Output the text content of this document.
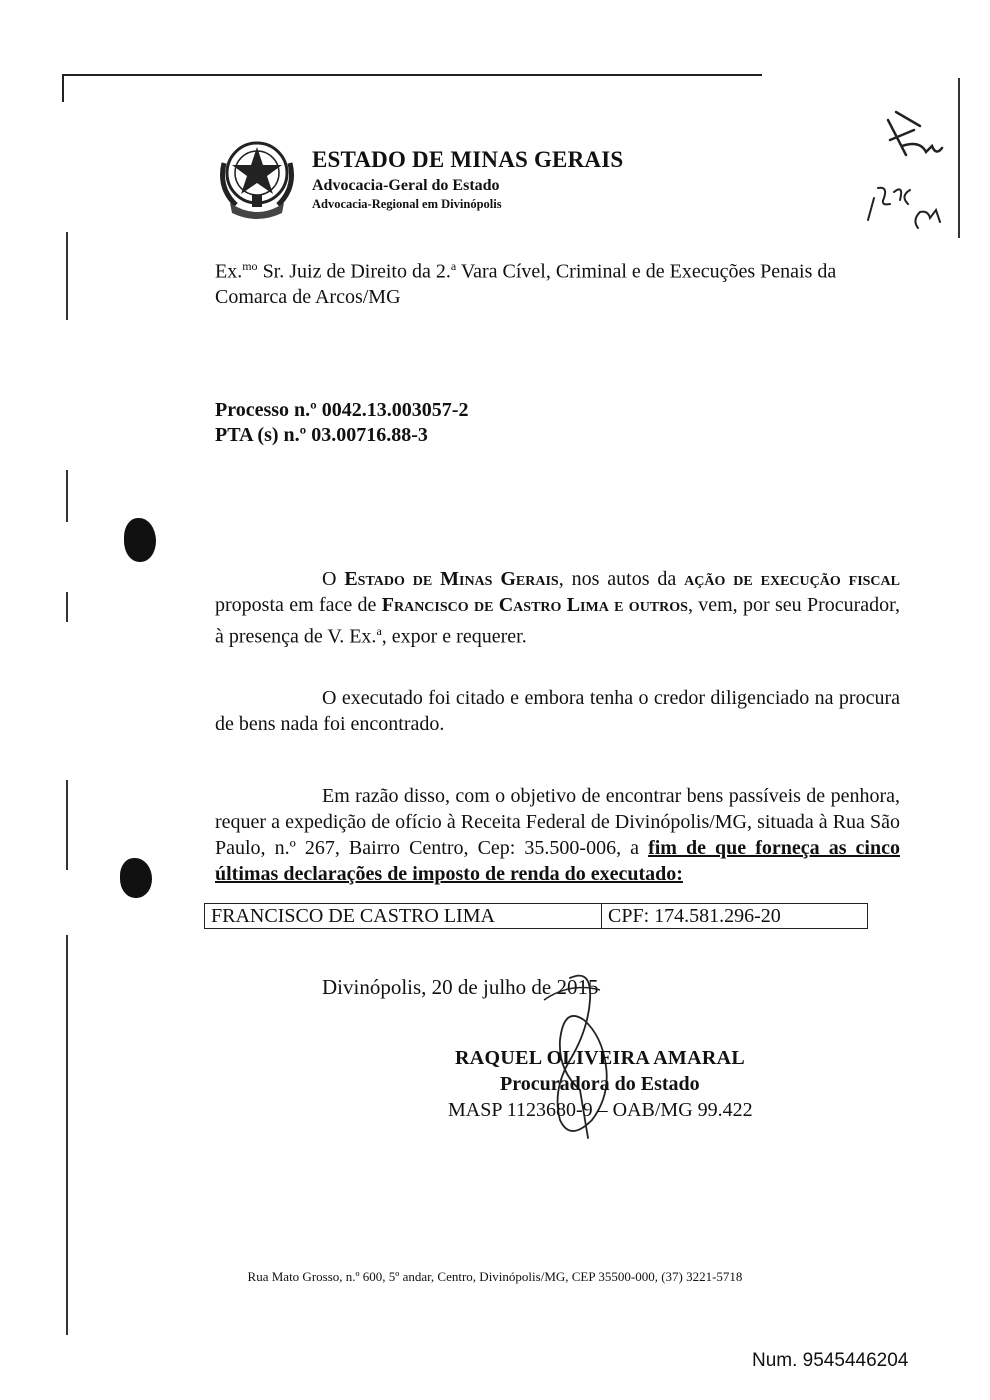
ESTADO DE MINAS GERAIS
Advocacia-Geral do Estado
Advocacia-Regional em Divinópolis
Ex.$^{mo}$ Sr. Juiz de Direito da 2.$^a$ Vara Cível, Criminal e de Execuções Penais da
Comarca de Arcos/MG
Processo n.º 0042.13.003057-2
PTA (s) n.º 03.00716.88-3
O Estado de Minas Gerais, nos autos da ação de execução fiscal proposta em face de Francisco de Castro Lima e outros, vem, por seu Procurador, à presença de V. Ex.$^a$, expor e requerer.
O executado foi citado e embora tenha o credor diligenciado na procura de bens nada foi encontrado.
Em razão disso, com o objetivo de encontrar bens passíveis de penhora, requer a expedição de ofício à Receita Federal de Divinópolis/MG, situada à Rua São Paulo, n.º 267, Bairro Centro, Cep: 35.500-006, a fim de que forneça as cinco últimas declarações de imposto de renda do executado:
FRANCISCO DE CASTRO LIMA	CPF: 174.581.296-20
Divinópolis, 20 de julho de 2015
RAQUEL OLIVEIRA AMARAL
Procuradora do Estado
MASP 1123680-9 – OAB/MG 99.422
Rua Mato Grosso, n.º 600, 5º andar, Centro, Divinópolis/MG, CEP 35500-000, (37) 3221-5718
Num. 9545446204
